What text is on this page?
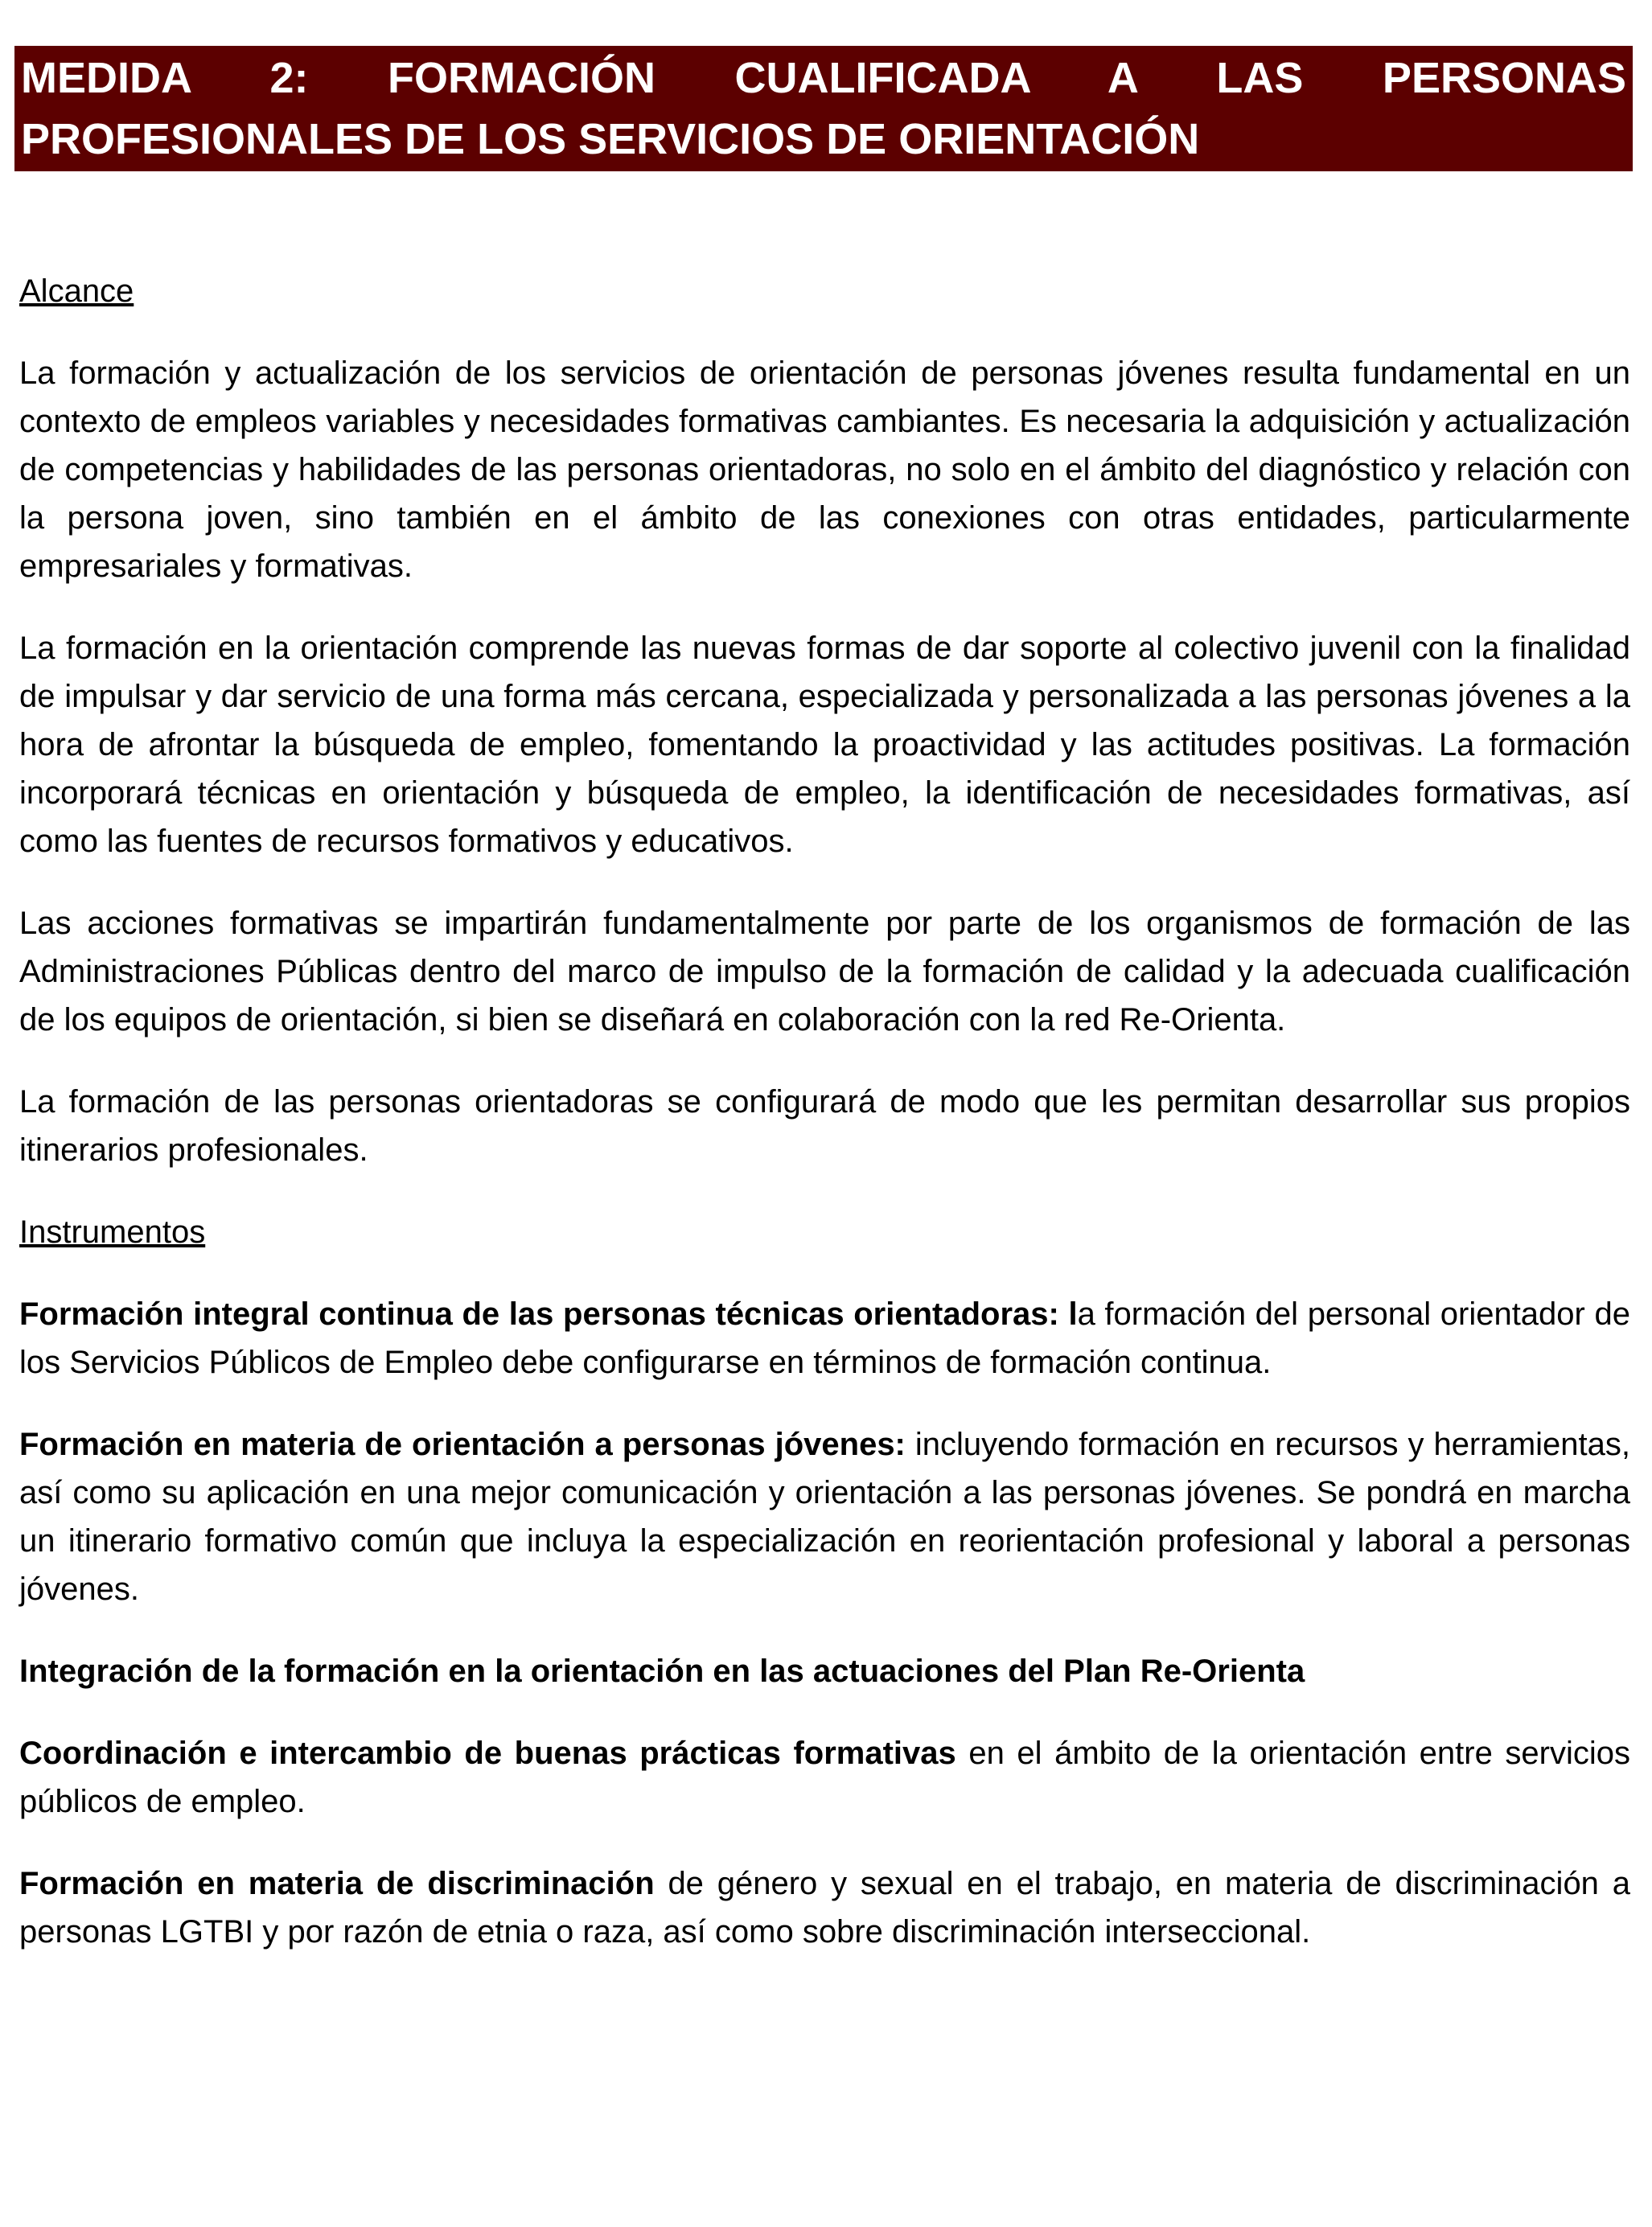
MEDIDA 2: FORMACIÓN CUALIFICADA A LAS PERSONAS
PROFESIONALES DE LOS SERVICIOS DE ORIENTACIÓN
Alcance

La formación y actualización de los servicios de orientación de personas jóvenes resulta fundamental en un contexto de empleos variables y necesidades formativas cambiantes. Es necesaria la adquisición y actualización de competencias y habilidades de las personas orientadoras, no solo en el ámbito del diagnóstico y relación con la persona joven, sino también en el ámbito de las conexiones con otras entidades, particularmente empresariales y formativas.

La formación en la orientación comprende las nuevas formas de dar soporte al colectivo juvenil con la finalidad de impulsar y dar servicio de una forma más cercana, especializada y personalizada a las personas jóvenes a la hora de afrontar la búsqueda de empleo, fomentando la proactividad y las actitudes positivas. La formación incorporará técnicas en orientación y búsqueda de empleo, la identificación de necesidades formativas, así como las fuentes de recursos formativos y educativos.

Las acciones formativas se impartirán fundamentalmente por parte de los organismos de formación de las Administraciones Públicas dentro del marco de impulso de la formación de calidad y la adecuada cualificación de los equipos de orientación, si bien se diseñará en colaboración con la red Re-Orienta.

La formación de las personas orientadoras se configurará de modo que les permitan desarrollar sus propios itinerarios profesionales.

Instrumentos

Formación integral continua de las personas técnicas orientadoras: la formación del personal orientador de los Servicios Públicos de Empleo debe configurarse en términos de formación continua.

Formación en materia de orientación a personas jóvenes: incluyendo formación en recursos y herramientas, así como su aplicación en una mejor comunicación y orientación a las personas jóvenes. Se pondrá en marcha un itinerario formativo común que incluya la especialización en reorientación profesional y laboral a personas jóvenes.

Integración de la formación en la orientación en las actuaciones del Plan Re-Orienta

Coordinación e intercambio de buenas prácticas formativas en el ámbito de la orientación entre servicios públicos de empleo.

Formación en materia de discriminación de género y sexual en el trabajo, en materia de discriminación a personas LGTBI y por razón de etnia o raza, así como sobre discriminación interseccional.
